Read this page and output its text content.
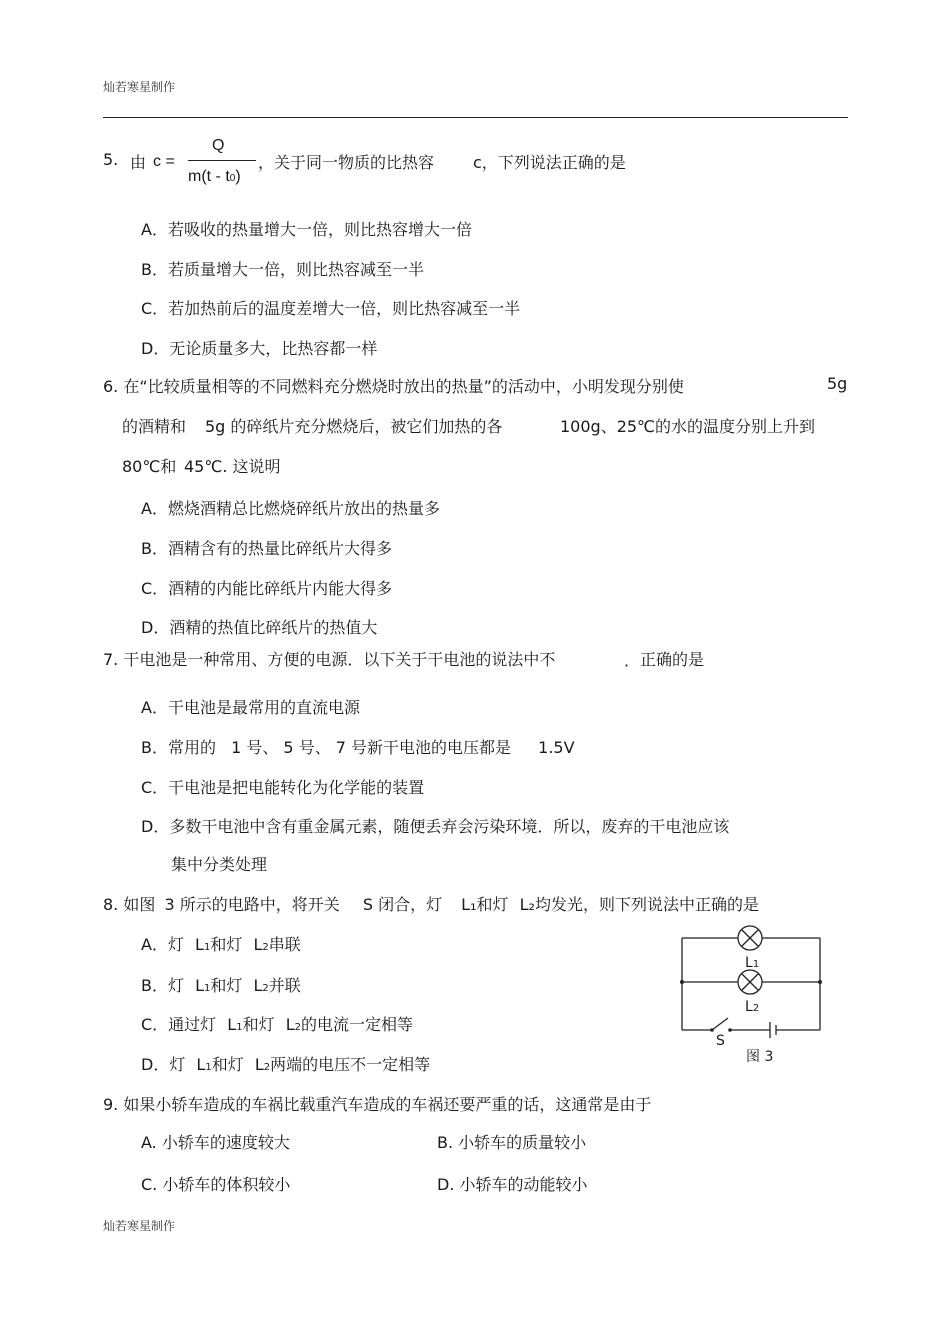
灿若寒星制作
5. 由 c =
Q
m(t - t0)
，关于同一物质的比热容 c，下列说法正确的是
A．若吸收的热量增大一倍，则比热容增大一倍
B．若质量增大一倍，则比热容减至一半
C．若加热前后的温度差增大一倍，则比热容减至一半
D．无论质量多大，比热容都一样
6. 在“比较质量相等的不同燃料充分燃烧时放出的热量”的活动中，小明发现分别使	5g
的酒精和 5g 的碎纸片充分燃烧后，被它们加热的各	100g、25℃的水的温度分别上升到
80℃和 45℃. 这说明
A．燃烧酒精总比燃烧碎纸片放出的热量多
B．酒精含有的热量比碎纸片大得多
C．酒精的内能比碎纸片内能大得多
D．酒精的热值比碎纸片的热值大
7. 干电池是一种常用、方便的电源．以下关于干电池的说法中不	· 正确的是
A．干电池是最常用的直流电源
B．常用的 1 号、 5 号、 7 号新干电池的电压都是 1.5V
C．干电池是把电能转化为化学能的装置
D．多数干电池中含有重金属元素，随便丢弃会污染环境．所以，废弃的干电池应该
集中分类处理
8. 如图 3 所示的电路中，将开关 S 闭合，灯 L₁和灯 L₂均发光，则下列说法中正确的是
A．灯 L1和灯 L2串联
B．灯 L1和灯 L2并联
C．通过灯 L1和灯 L2的电流一定相等
D．灯 L1和灯 L2两端的电压不一定相等
L1
L2
S
图 3
9. 如果小轿车造成的车祸比载重汽车造成的车祸还要严重的话，这通常是由于
A. 小轿车的速度较大	B. 小轿车的质量较小
C. 小轿车的体积较小	D. 小轿车的动能较小
灿若寒星制作
